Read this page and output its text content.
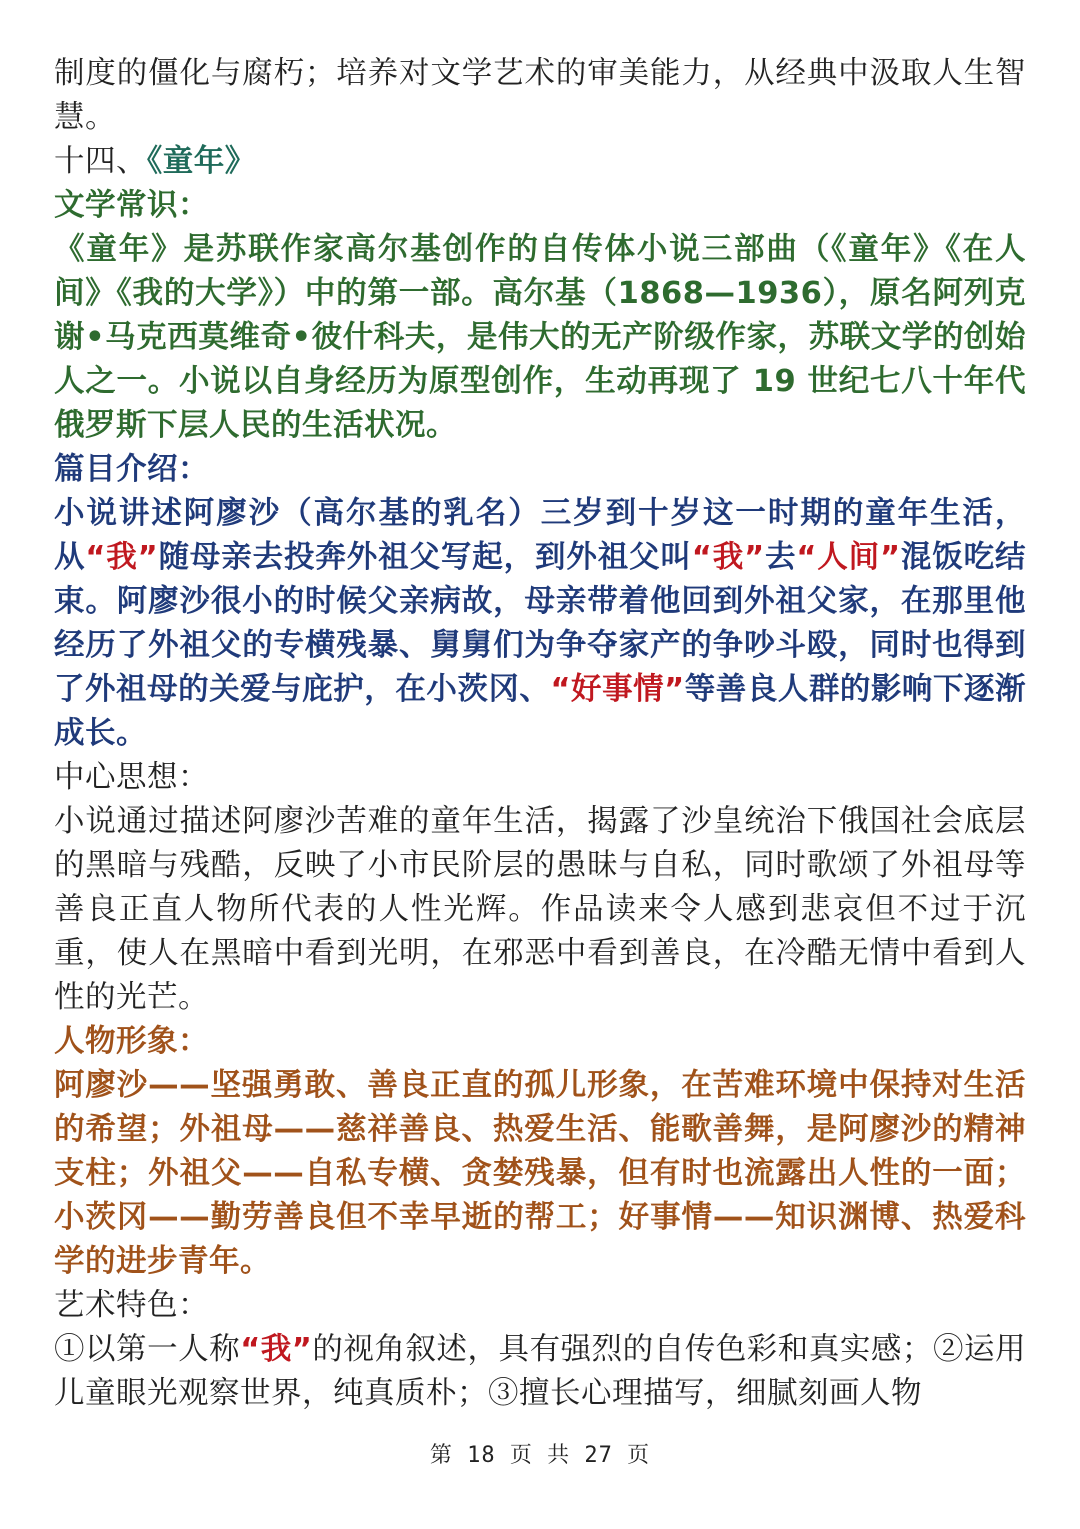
制度的僵化与腐朽；培养对文学艺术的审美能力，从经典中汲取人生智慧。

十四、《童年》

文学常识：

《童年》是苏联作家高尔基创作的自传体小说三部曲（《童年》《在人间》《我的大学》）中的第一部。高尔基（1868—1936），原名阿列克谢•马克西莫维奇•彼什科夫，是伟大的无产阶级作家，苏联文学的创始人之一。小说以自身经历为原型创作，生动再现了 19 世纪七八十年代俄罗斯下层人民的生活状况。

篇目介绍：

小说讲述阿廖沙（高尔基的乳名）三岁到十岁这一时期的童年生活，从“我”随母亲去投奔外祖父写起，到外祖父叫“我”去“人间”混饭吃结束。阿廖沙很小的时候父亲病故，母亲带着他回到外祖父家，在那里他经历了外祖父的专横残暴、舅舅们为争夺家产的争吵斗殴，同时也得到了外祖母的关爱与庇护，在小茨冈、“好事情”等善良人群的影响下逐渐成长。

中心思想：

小说通过描述阿廖沙苦难的童年生活，揭露了沙皇统治下俄国社会底层的黑暗与残酷，反映了小市民阶层的愚昧与自私，同时歌颂了外祖母等善良正直人物所代表的人性光辉。作品读来令人感到悲哀但不过于沉重，使人在黑暗中看到光明，在邪恶中看到善良，在冷酷无情中看到人性的光芒。

人物形象：

阿廖沙——坚强勇敢、善良正直的孤儿形象，在苦难环境中保持对生活的希望；外祖母——慈祥善良、热爱生活、能歌善舞，是阿廖沙的精神支柱；外祖父——自私专横、贪婪残暴，但有时也流露出人性的一面；小茨冈——勤劳善良但不幸早逝的帮工；好事情——知识渊博、热爱科学的进步青年。

艺术特色：

①以第一人称“我”的视角叙述，具有强烈的自传色彩和真实感；②运用儿童眼光观察世界，纯真质朴；③擅长心理描写，细腻刻画人物

第 18 页 共 27 页
